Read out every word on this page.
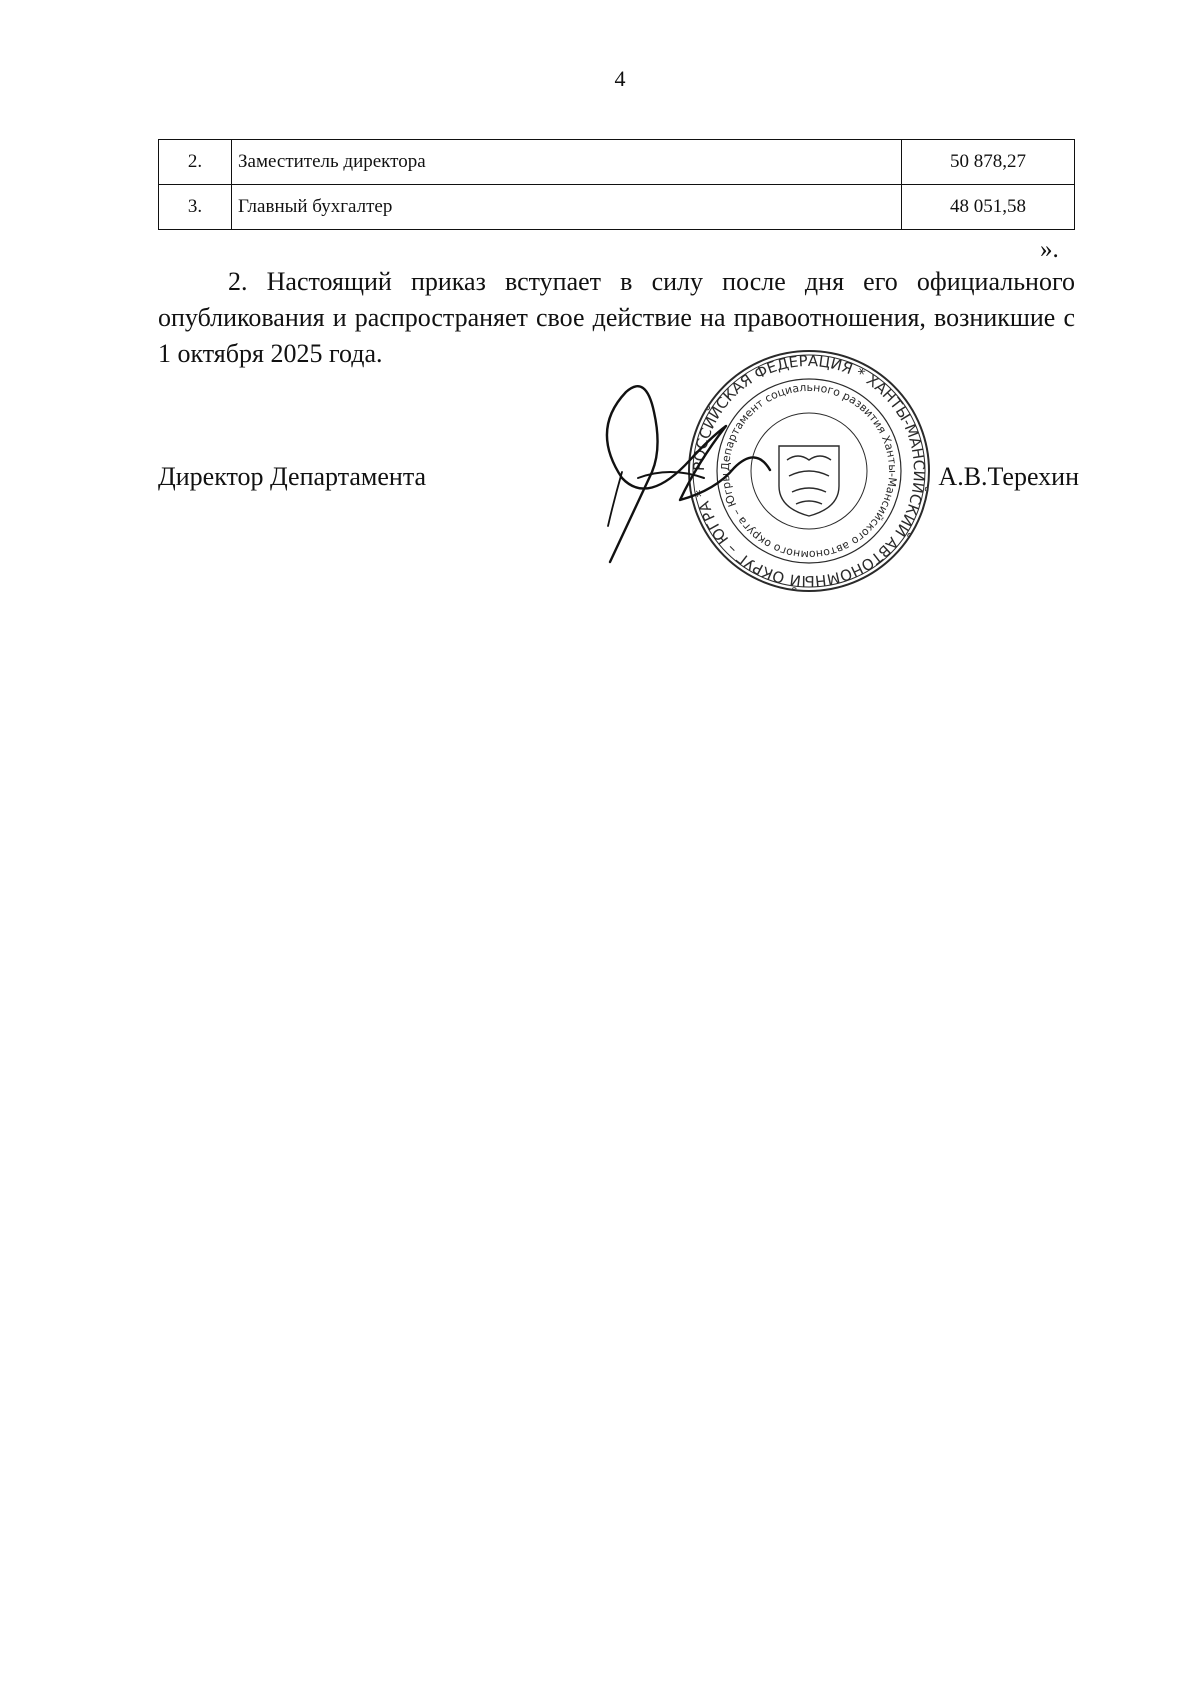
4
2.	Заместитель директора	50 878,27
3.	Главный бухгалтер	48 051,58
».

2. Настоящий приказ вступает в силу после дня его официального опубликования и распространяет свое действие на правоотношения, возникшие с 1 октября 2025 года.

Директор Департамента	А.В.Терехин
РОССИЙСКАЯ ФЕДЕРАЦИЯ * ХАНТЫ-МАНСИЙСКИЙ АВТОНОМНЫЙ ОКРУГ – ЮГРА *
Департамент социального развития Ханты-Мансийского автономного округа – Югры
